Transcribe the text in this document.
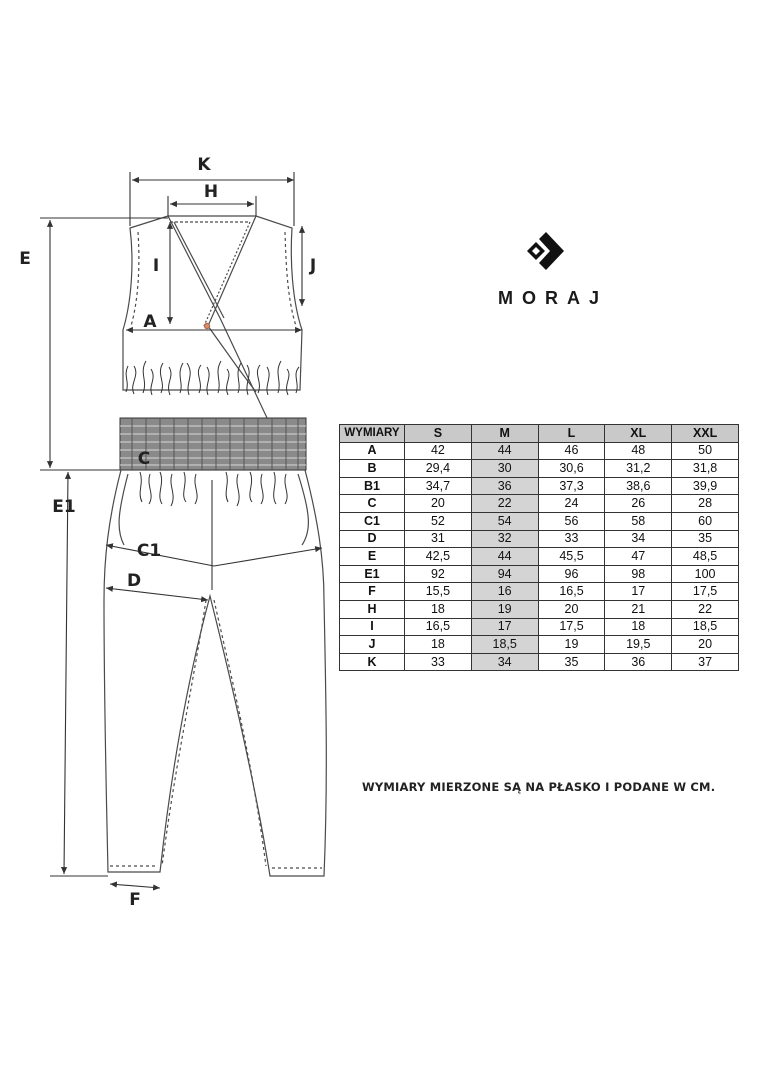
K
H
E	I	J
A
C
E1
C1
D
F
MORAJ
WYMIARY	S	M	L	XL	XXL
A	42	44	46	48	50
B	29,4	30	30,6	31,2	31,8
B1	34,7	36	37,3	38,6	39,9
C	20	22	24	26	28
C1	52	54	56	58	60
D	31	32	33	34	35
E	42,5	44	45,5	47	48,5
E1	92	94	96	98	100
F	15,5	16	16,5	17	17,5
H	18	19	20	21	22
I	16,5	17	17,5	18	18,5
J	18	18,5	19	19,5	20
K	33	34	35	36	37
WYMIARY MIERZONE SĄ NA PŁASKO I PODANE W CM.
